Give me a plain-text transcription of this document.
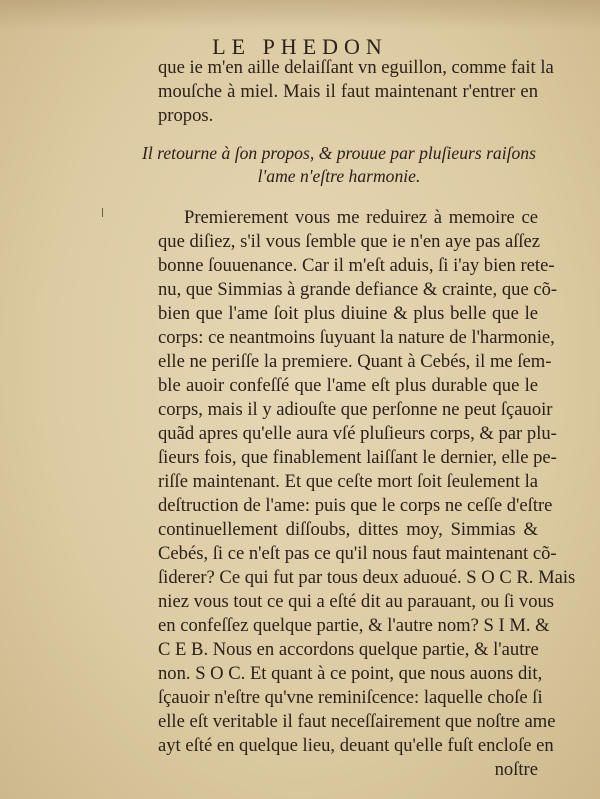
LE PHEDON
que ie m'en aille delaiſſant vn eguillon, comme fait la
mouſche à miel. Mais il faut maintenant r'entrer en
propos.
Il retourne à ſon propos, & prouue par pluſieurs raiſons
l'ame n'eſtre harmonie.
Premierement vous me reduirez à memoire ce
que diſiez, s'il vous ſemble que ie n'en aye pas aſſez
bonne ſouuenance. Car il m'eſt aduis, ſi i'ay bien rete-
nu, que Simmias à grande defiance & crainte, que cõ-
bien que l'ame ſoit plus diuine & plus belle que le
corps: ce neantmoins ſuyuant la nature de l'harmonie,
elle ne periſſe la premiere. Quant à Cebés, il me ſem-
ble auoir confeſſé que l'ame eſt plus durable que le
corps, mais il y adiouſte que perſonne ne peut ſçauoir
quãd apres qu'elle aura vſé pluſieurs corps, & par plu-
ſieurs fois, que finablement laiſſant le dernier, elle pe-
riſſe maintenant. Et que ceſte mort ſoit ſeulement la
deſtruction de l'ame: puis que le corps ne ceſſe d'eſtre
continuellement diſſoubs, dittes moy, Simmias &
Cebés, ſi ce n'eſt pas ce qu'il nous faut maintenant cõ-
ſiderer? Ce qui fut par tous deux aduoué. S O C R. Mais
niez vous tout ce qui a eſté dit au parauant, ou ſi vous
en confeſſez quelque partie, & l'autre nom? S I M. &
C E B. Nous en accordons quelque partie, & l'autre
non. S O C. Et quant à ce point, que nous auons dit,
ſçauoir n'eſtre qu'vne reminiſcence: laquelle choſe ſi
elle eſt veritable il faut neceſſairement que noſtre ame
ayt eſté en quelque lieu, deuant qu'elle fuſt encloſe en
noſtre
